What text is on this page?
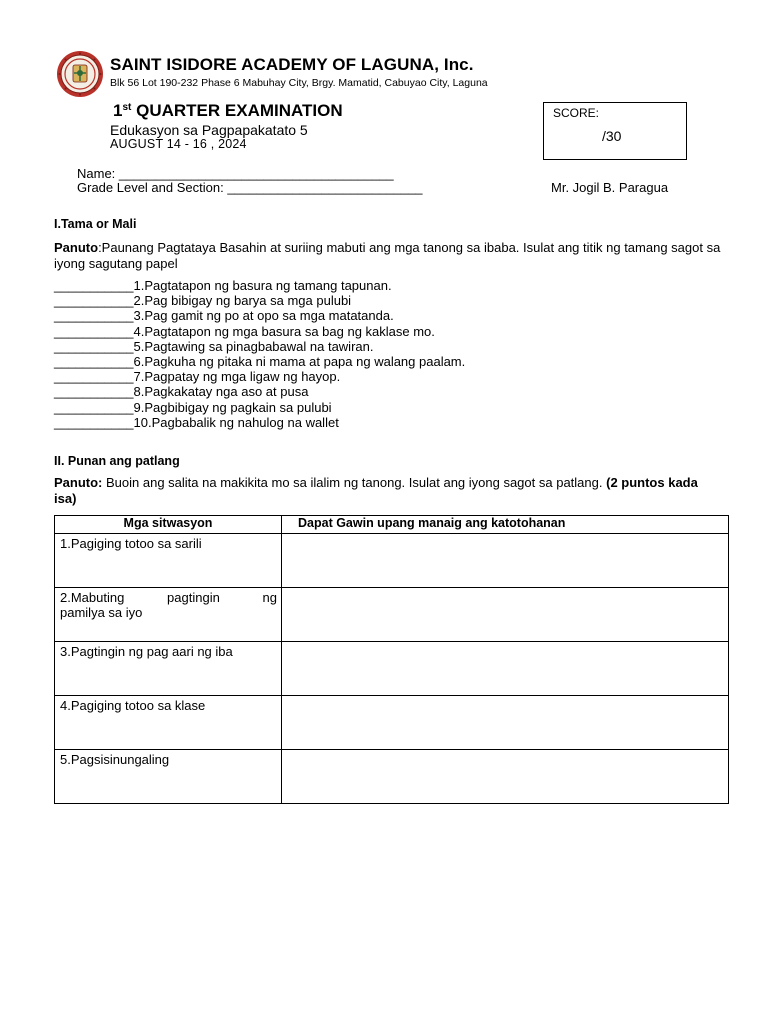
SAINT ISIDORE ACADEMY OF LAGUNA, Inc.
Blk 56 Lot 190-232 Phase 6 Mabuhay City, Brgy. Mamatid, Cabuyao City, Laguna
1st QUARTER EXAMINATION
Edukasyon sa Pagpapakatato 5
AUGUST 14 - 16 , 2024
SCORE:
/30
Name: ______________________________________
Grade Level and Section: ___________________________	Mr. Jogil B. Paragua
I.Tama or Mali
Panuto:Paunang Pagtataya Basahin at suriing mabuti ang mga tanong sa ibaba. Isulat ang titik ng tamang sagot sa iyong sagutang papel
___________1.Pagtatapon ng basura ng tamang tapunan.
___________2.Pag bibigay ng barya sa mga pulubi
___________3.Pag gamit ng po at opo sa mga matatanda.
___________4.Pagtatapon ng mga basura sa bag ng kaklase mo.
___________5.Pagtawing sa pinagbabawal na tawiran.
___________6.Pagkuha ng pitaka ni mama at papa ng walang paalam.
___________7.Pagpatay ng mga ligaw ng hayop.
___________8.Pagkakatay nga aso at pusa
___________9.Pagbibigay ng pagkain sa pulubi
___________10.Pagbabalik ng nahulog na wallet
II. Punan ang patlang
Panuto: Buoin ang salita na makikita mo sa ilalim ng tanong. Isulat ang iyong sagot sa patlang. (2 puntos kada isa)
Mga sitwasyon	Dapat Gawin upang manaig ang katotohanan
1.Pagiging totoo sa sarili	

2.Mabuting pagtingin ng
pamilya sa iyo	

3.Pagtingin ng pag aari ng iba	
4.Pagiging totoo sa klase	
5.Pagsisinungaling	
